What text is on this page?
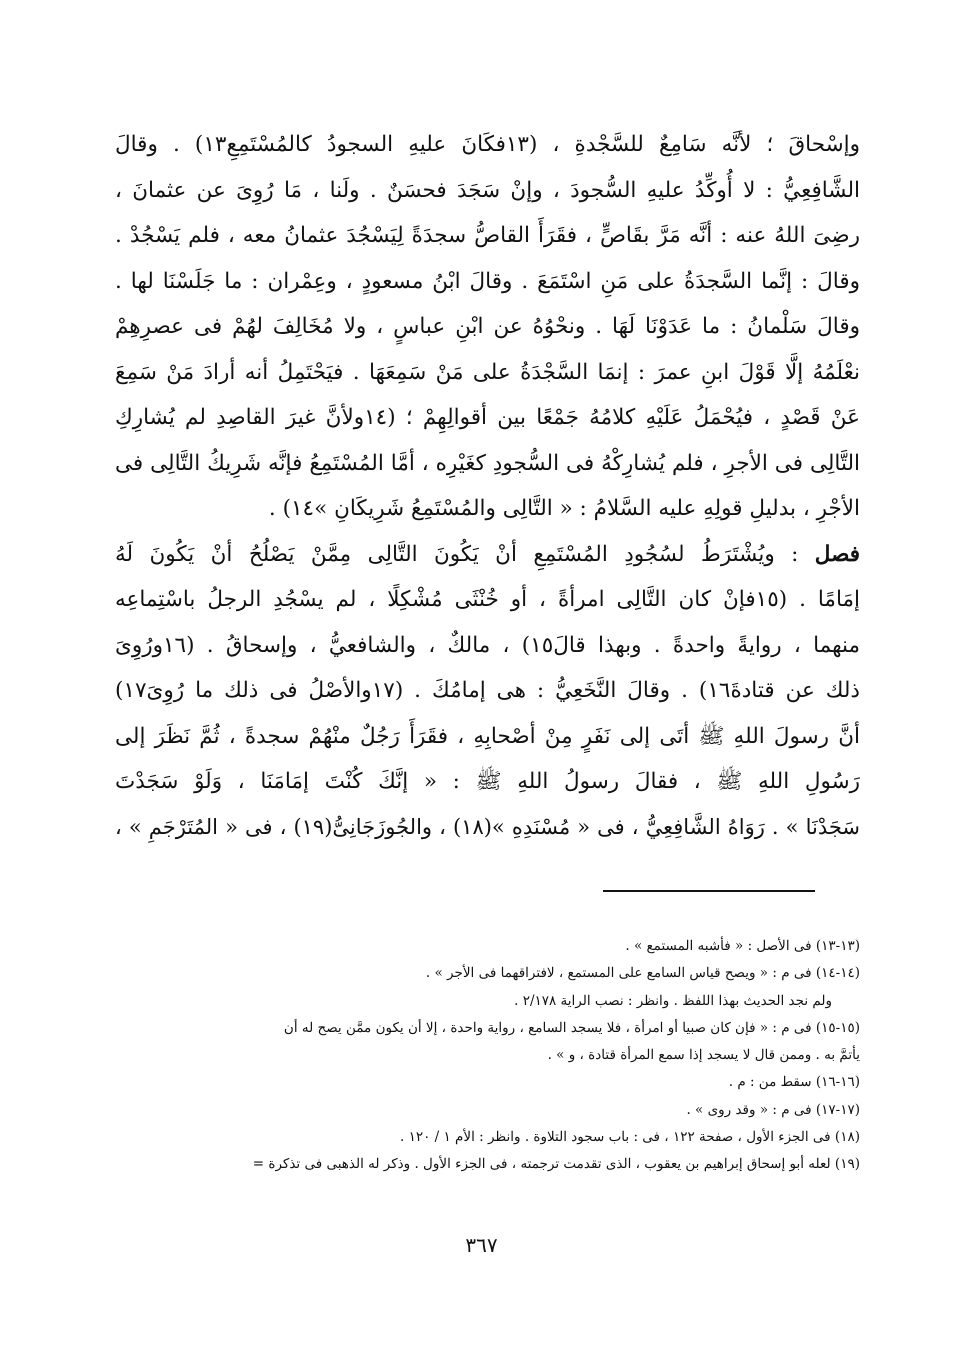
وإسْحاقَ ؛ لأنَّه سَامِعٌ للسَّجْدةِ ، (١٣فكَانَ عليهِ السجودُ كالمُسْتَمِعِ١٣) . وقالَ
الشَّافِعِيُّ : لا أُوكِّدُ عليهِ السُّجودَ ، وإنْ سَجَدَ فحسَنٌ . ولَنا ، مَا رُوِىَ عن عثمانَ ،
رضِىَ اللهُ عنه : أنَّه مَرَّ بقَاصٍّ ، فقَرَأَ القاصُّ سجدَةً لِيَسْجُدَ عثمانُ معه ، فلم يَسْجُدْ .
وقالَ : إنَّما السَّجدَةُ على مَنِ اسْتَمَعَ . وقالَ ابْنُ مسعودٍ ، وعِمْران : ما جَلَسْنَا لها .
وقالَ سَلْمانُ : ما عَدَوْنَا لَهَا . ونحْوُهُ عن ابْنِ عباسٍ ، ولا مُخَالِفَ لهُمْ فى عصرِهِمْ
نعْلَمُهُ إلَّا قَوْلَ ابنِ عمرَ : إنمَا السَّجْدَةُ على مَنْ سَمِعَهَا . فيَحْتَمِلُ أنه أرادَ مَنْ سَمِعَ
عَنْ قَصْدٍ ، فيُحْمَلُ عَلَيْهِ كلامُهُ جَمْعًا بين أقوالِهِمْ ؛ (١٤ولأنَّ غيرَ القاصِدِ لم يُشارِكِ
التَّالِى فى الأجرِ ، فلم يُشارِكْهُ فى السُّجودِ كغَيْرِه ، أمَّا المُسْتَمِعُ فإنَّه شَرِيكُ التَّالِى فى
الأجْرِ ، بدليلِ قولِهِ عليه السَّلامُ : « التَّالِى والمُسْتَمِعُ شَرِيكَانِ »١٤) .
فصل : ويُشْتَرَطُ لسُجُودِ المُسْتَمِعِ أنْ يَكُونَ التَّالِى مِمَّنْ يَصْلُحُ أنْ يَكُونَ لَهُ
إمَامًا . (١٥فإنْ كان التَّالِى امرأةً ، أو خُنْثَى مُشْكِلًا ، لم يسْجُدِ الرجلُ باسْتِماعِه
منهما ، روايةً واحدةً . وبهذا قالَ١٥) ، مالكٌ ، والشافعيُّ ، وإسحاقُ . (١٦ورُوِىَ
ذلك عن قتادةَ١٦) . وقالَ النَّخَعِيُّ : هى إمامُكَ . (١٧والأصْلُ فى ذلك ما رُوِىَ١٧)
أنَّ رسولَ اللهِ ﷺ أتَى إلى نَفَرٍ مِنْ أصْحابِهِ ، فقَرَأَ رَجُلٌ منْهُمْ سجدةً ، ثُمَّ نَظَرَ إلى
رَسُولِ اللهِ ﷺ ، فقالَ رسولُ اللهِ ﷺ : « إنَّكَ كُنْتَ إمَامَنَا ، وَلَوْ سَجَدْتَ
سَجَدْنَا » . رَوَاهُ الشَّافِعِيُّ ، فى « مُسْنَدِهِ »(١٨) ، والجُوزَجَانِىُّ(١٩) ، فى « المُتَرْجَمِ » ،
(١٣-١٣) فى الأصل : « فأشبه المستمع » .
(١٤-١٤) فى م : « ويصح قياس السامع على المستمع ، لافتراقهما فى الأجر » .
ولم نجد الحديث بهذا اللفظ . وانظر : نصب الراية ٢/١٧٨ .
(١٥-١٥) فى م : « فإن كان صبيا أو امرأة ، فلا يسجد السامع ، رواية واحدة ، إلا أن يكون ممَّن يصح له أن
يأتمَّ به . وممن قال لا يسجد إذا سمع المرأة قتادة ، و » .
(١٦-١٦) سقط من : م .
(١٧-١٧) فى م : « وقد روى » .
(١٨) فى الجزء الأول ، صفحة ١٢٢ ، فى : باب سجود التلاوة . وانظر : الأم ١ / ١٢٠ .
(١٩) لعله أبو إسحاق إبراهيم بن يعقوب ، الذى تقدمت ترجمته ، فى الجزء الأول . وذكر له الذهبى فى تذكرة =
٣٦٧
